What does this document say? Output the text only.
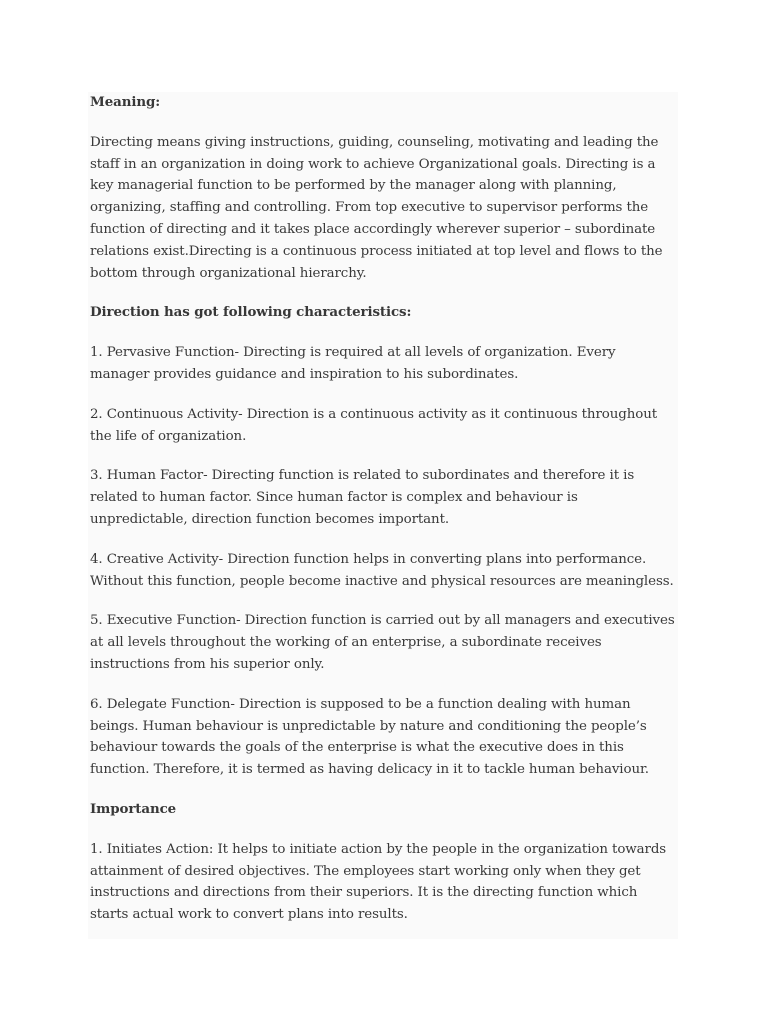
Meaning:

Directing means giving instructions, guiding, counseling, motivating and leading the staff in an organization in doing work to achieve Organizational goals. Directing is a key managerial function to be performed by the manager along with planning, organizing, staffing and controlling. From top executive to supervisor performs the function of directing and it takes place accordingly wherever superior – subordinate relations exist.Directing is a continuous process initiated at top level and flows to the bottom through organizational hierarchy.

Direction has got following characteristics:

1. Pervasive Function- Directing is required at all levels of organization. Every manager provides guidance and inspiration to his subordinates.

2. Continuous Activity- Direction is a continuous activity as it continuous throughout the life of organization.

3. Human Factor- Directing function is related to subordinates and therefore it is related to human factor. Since human factor is complex and behaviour is unpredictable, direction function becomes important.

4. Creative Activity- Direction function helps in converting plans into performance. Without this function, people become inactive and physical resources are meaningless.

5. Executive Function- Direction function is carried out by all managers and executives at all levels throughout the working of an enterprise, a subordinate receives instructions from his superior only.

6. Delegate Function- Direction is supposed to be a function dealing with human beings. Human behaviour is unpredictable by nature and conditioning the people’s behaviour towards the goals of the enterprise is what the executive does in this function. Therefore, it is termed as having delicacy in it to tackle human behaviour.

Importance

1. Initiates Action: It helps to initiate action by the people in the organization towards attainment of desired objectives. The employees start working only when they get instructions and directions from their superiors. It is the directing function which starts actual work to convert plans into results.
